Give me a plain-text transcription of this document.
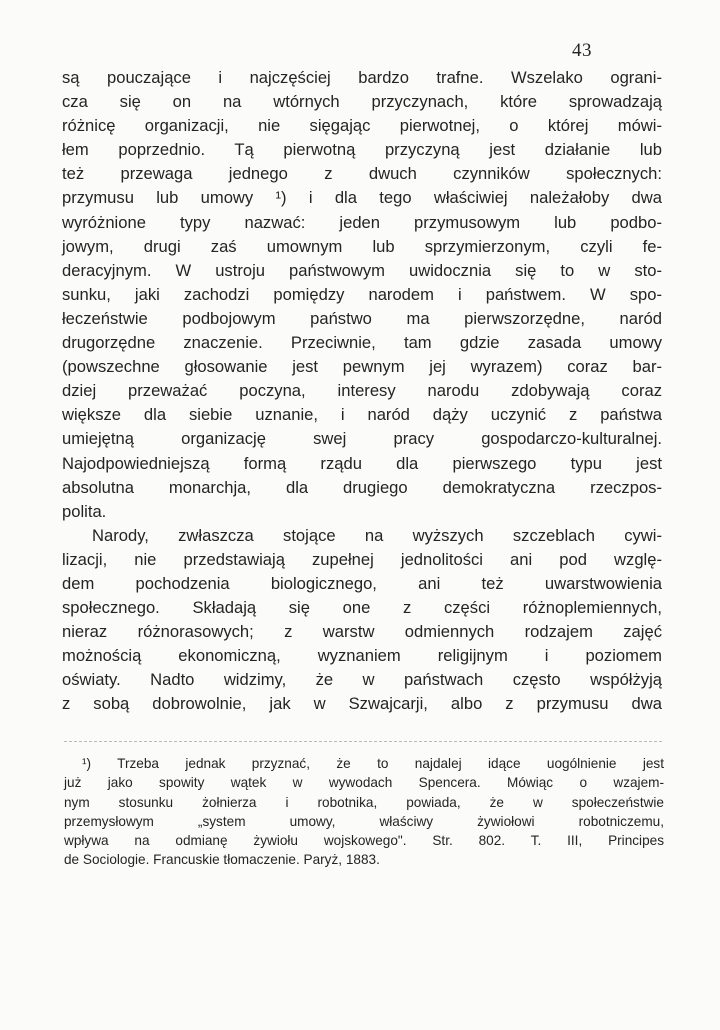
43
są pouczające i najczęściej bardzo trafne. Wszelako ograni-
cza się on na wtórnych przyczynach, które sprowadzają
różnicę organizacji, nie sięgając pierwotnej, o której mówi-
łem poprzednio. Tą pierwotną przyczyną jest działanie lub
też przewaga jednego z dwuch czynników społecznych:
przymusu lub umowy ¹) i dla tego właściwiej należałoby dwa
wyróżnione typy nazwać: jeden przymusowym lub podbo-
jowym, drugi zaś umownym lub sprzymierzonym, czyli fe-
deracyjnym. W ustroju państwowym uwidocznia się to w sto-
sunku, jaki zachodzi pomiędzy narodem i państwem. W spo-
łeczeństwie podbojowym państwo ma pierwszorzędne, naród
drugorzędne znaczenie. Przeciwnie, tam gdzie zasada umowy
(powszechne głosowanie jest pewnym jej wyrazem) coraz bar-
dziej przeważać poczyna, interesy narodu zdobywają coraz
większe dla siebie uznanie, i naród dąży uczynić z państwa
umiejętną organizację swej pracy gospodarczo-kulturalnej.
Najodpowiedniejszą formą rządu dla pierwszego typu jest
absolutna monarchja, dla drugiego demokratyczna rzeczpos-
polita.
Narody, zwłaszcza stojące na wyższych szczeblach cywi-
lizacji, nie przedstawiają zupełnej jednolitości ani pod wzglę-
dem pochodzenia biologicznego, ani też uwarstwowienia
społecznego. Składają się one z części różnoplemiennych,
nieraz różnorasowych; z warstw odmiennych rodzajem zajęć
możnością ekonomiczną, wyznaniem religijnym i poziomem
oświaty. Nadto widzimy, że w państwach często współżyją
z sobą dobrowolnie, jak w Szwajcarji, albo z przymusu dwa
¹) Trzeba jednak przyznać, że to najdalej idące uogólnienie jest
już jako spowity wątek w wywodach Spencera. Mówiąc o wzajem-
nym stosunku żołnierza i robotnika, powiada, że w społeczeństwie
przemysłowym „system umowy, właściwy żywiołowi robotniczemu,
wpływa na odmianę żywiołu wojskowego". Str. 802. T. III, Principes
de Sociologie. Francuskie tłomaczenie. Paryż, 1883.
